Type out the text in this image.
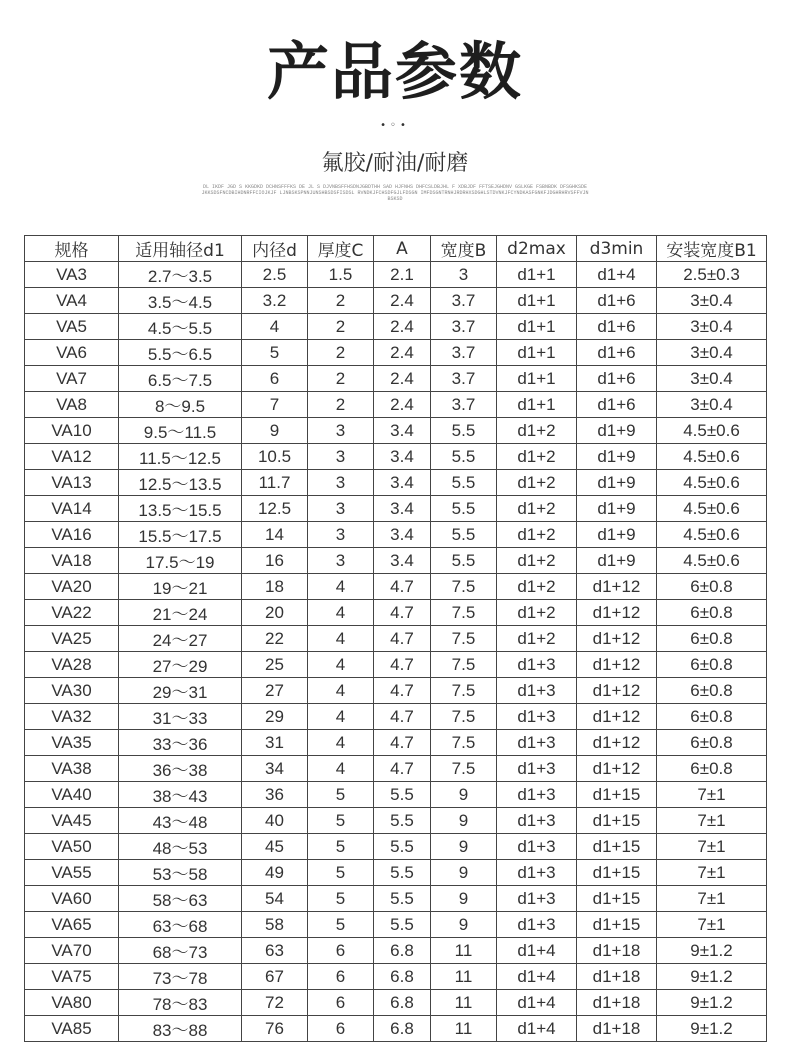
产品参数
•◦•
氟胶/耐油/耐磨
DL IKDF JGD S KKGDKD DCHNSFFFKS DE JL S DJVNBSFFHSDNJGBDTHH SAD HJFNHS DHFCSLDBJHL F XDBJDF FFTSEJGHDNV GSLKGE FSBNBDK DFSGHKSDE JKKSDSFNCDBIHDNRFFCIOJKJF LJNBSKSPNNJUNSHBSDSFISDSL RVNDKJFCHSDFGJLFDSGN IMFDSGNTRNHJRDRHXSDGHLSTDVNKJFCYNDKASFGNKFJDGHRHRVSFFVJNBSKSD
规格	适用轴径d1	内径d	厚度C	A	宽度B	d2max	d3min	安装宽度B1
VA3	2.7～3.5	2.5	1.5	2.1	3	d1+1	d1+4	2.5±0.3
VA4	3.5～4.5	3.2	2	2.4	3.7	d1+1	d1+6	3±0.4
VA5	4.5～5.5	4	2	2.4	3.7	d1+1	d1+6	3±0.4
VA6	5.5～6.5	5	2	2.4	3.7	d1+1	d1+6	3±0.4
VA7	6.5～7.5	6	2	2.4	3.7	d1+1	d1+6	3±0.4
VA8	8～9.5	7	2	2.4	3.7	d1+1	d1+6	3±0.4
VA10	9.5～11.5	9	3	3.4	5.5	d1+2	d1+9	4.5±0.6
VA12	11.5～12.5	10.5	3	3.4	5.5	d1+2	d1+9	4.5±0.6
VA13	12.5～13.5	11.7	3	3.4	5.5	d1+2	d1+9	4.5±0.6
VA14	13.5～15.5	12.5	3	3.4	5.5	d1+2	d1+9	4.5±0.6
VA16	15.5～17.5	14	3	3.4	5.5	d1+2	d1+9	4.5±0.6
VA18	17.5～19	16	3	3.4	5.5	d1+2	d1+9	4.5±0.6
VA20	19～21	18	4	4.7	7.5	d1+2	d1+12	6±0.8
VA22	21～24	20	4	4.7	7.5	d1+2	d1+12	6±0.8
VA25	24～27	22	4	4.7	7.5	d1+2	d1+12	6±0.8
VA28	27～29	25	4	4.7	7.5	d1+3	d1+12	6±0.8
VA30	29～31	27	4	4.7	7.5	d1+3	d1+12	6±0.8
VA32	31～33	29	4	4.7	7.5	d1+3	d1+12	6±0.8
VA35	33～36	31	4	4.7	7.5	d1+3	d1+12	6±0.8
VA38	36～38	34	4	4.7	7.5	d1+3	d1+12	6±0.8
VA40	38～43	36	5	5.5	9	d1+3	d1+15	7±1
VA45	43～48	40	5	5.5	9	d1+3	d1+15	7±1
VA50	48～53	45	5	5.5	9	d1+3	d1+15	7±1
VA55	53～58	49	5	5.5	9	d1+3	d1+15	7±1
VA60	58～63	54	5	5.5	9	d1+3	d1+15	7±1
VA65	63～68	58	5	5.5	9	d1+3	d1+15	7±1
VA70	68～73	63	6	6.8	11	d1+4	d1+18	9±1.2
VA75	73～78	67	6	6.8	11	d1+4	d1+18	9±1.2
VA80	78～83	72	6	6.8	11	d1+4	d1+18	9±1.2
VA85	83～88	76	6	6.8	11	d1+4	d1+18	9±1.2
